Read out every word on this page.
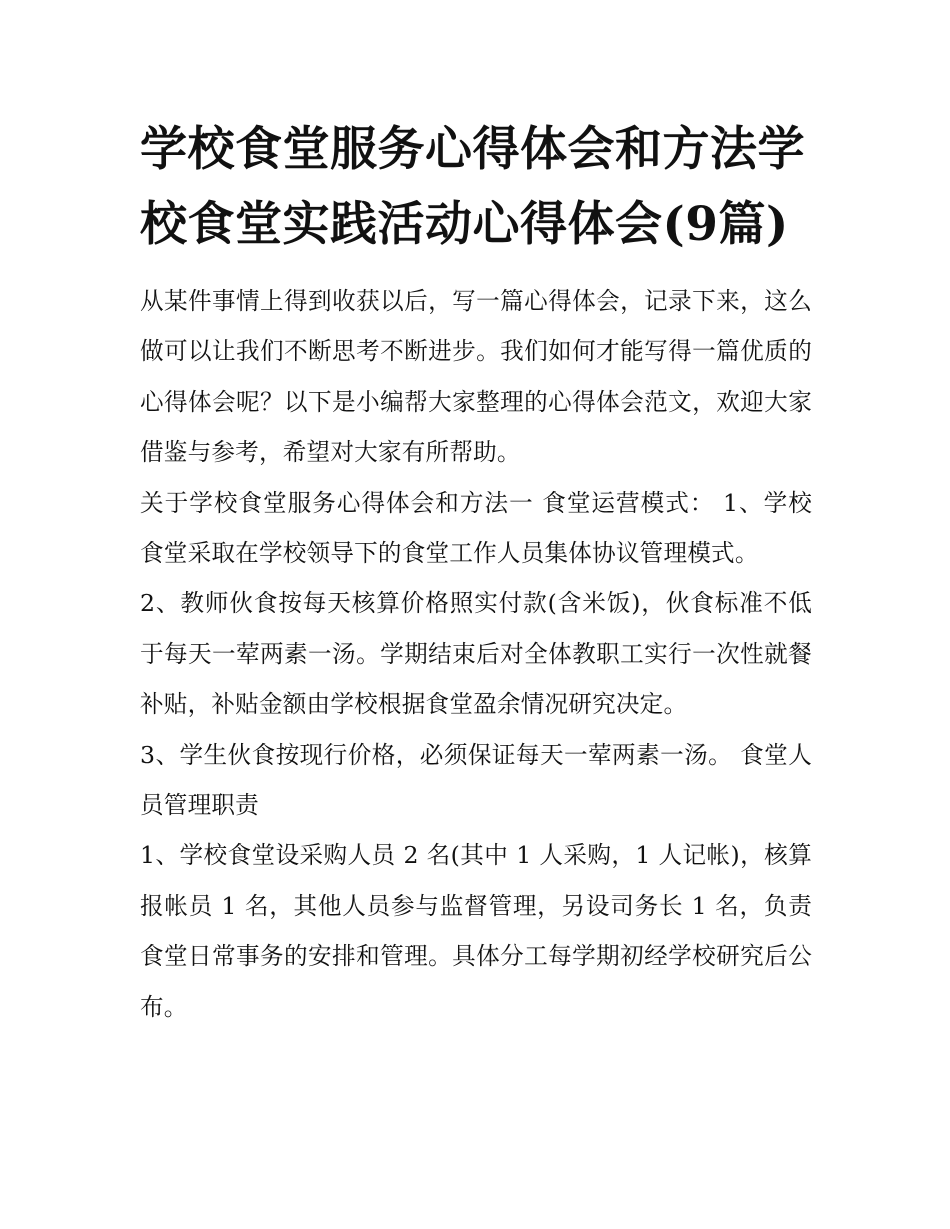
学校食堂服务心得体会和方法学校食堂实践活动心得体会(9篇)

从某件事情上得到收获以后，写一篇心得体会，记录下来，这么做可以让我们不断思考不断进步。我们如何才能写得一篇优质的心得体会呢？以下是小编帮大家整理的心得体会范文，欢迎大家借鉴与参考，希望对大家有所帮助。

关于学校食堂服务心得体会和方法一 食堂运营模式： 1、学校食堂采取在学校领导下的食堂工作人员集体协议管理模式。

2、教师伙食按每天核算价格照实付款(含米饭)，伙食标准不低于每天一荤两素一汤。学期结束后对全体教职工实行一次性就餐补贴，补贴金额由学校根据食堂盈余情况研究决定。

3、学生伙食按现行价格，必须保证每天一荤两素一汤。 食堂人员管理职责

1、学校食堂设采购人员 2 名(其中 1 人采购，1 人记帐)，核算报帐员 1 名，其他人员参与监督管理，另设司务长 1 名，负责食堂日常事务的安排和管理。具体分工每学期初经学校研究后公布。
